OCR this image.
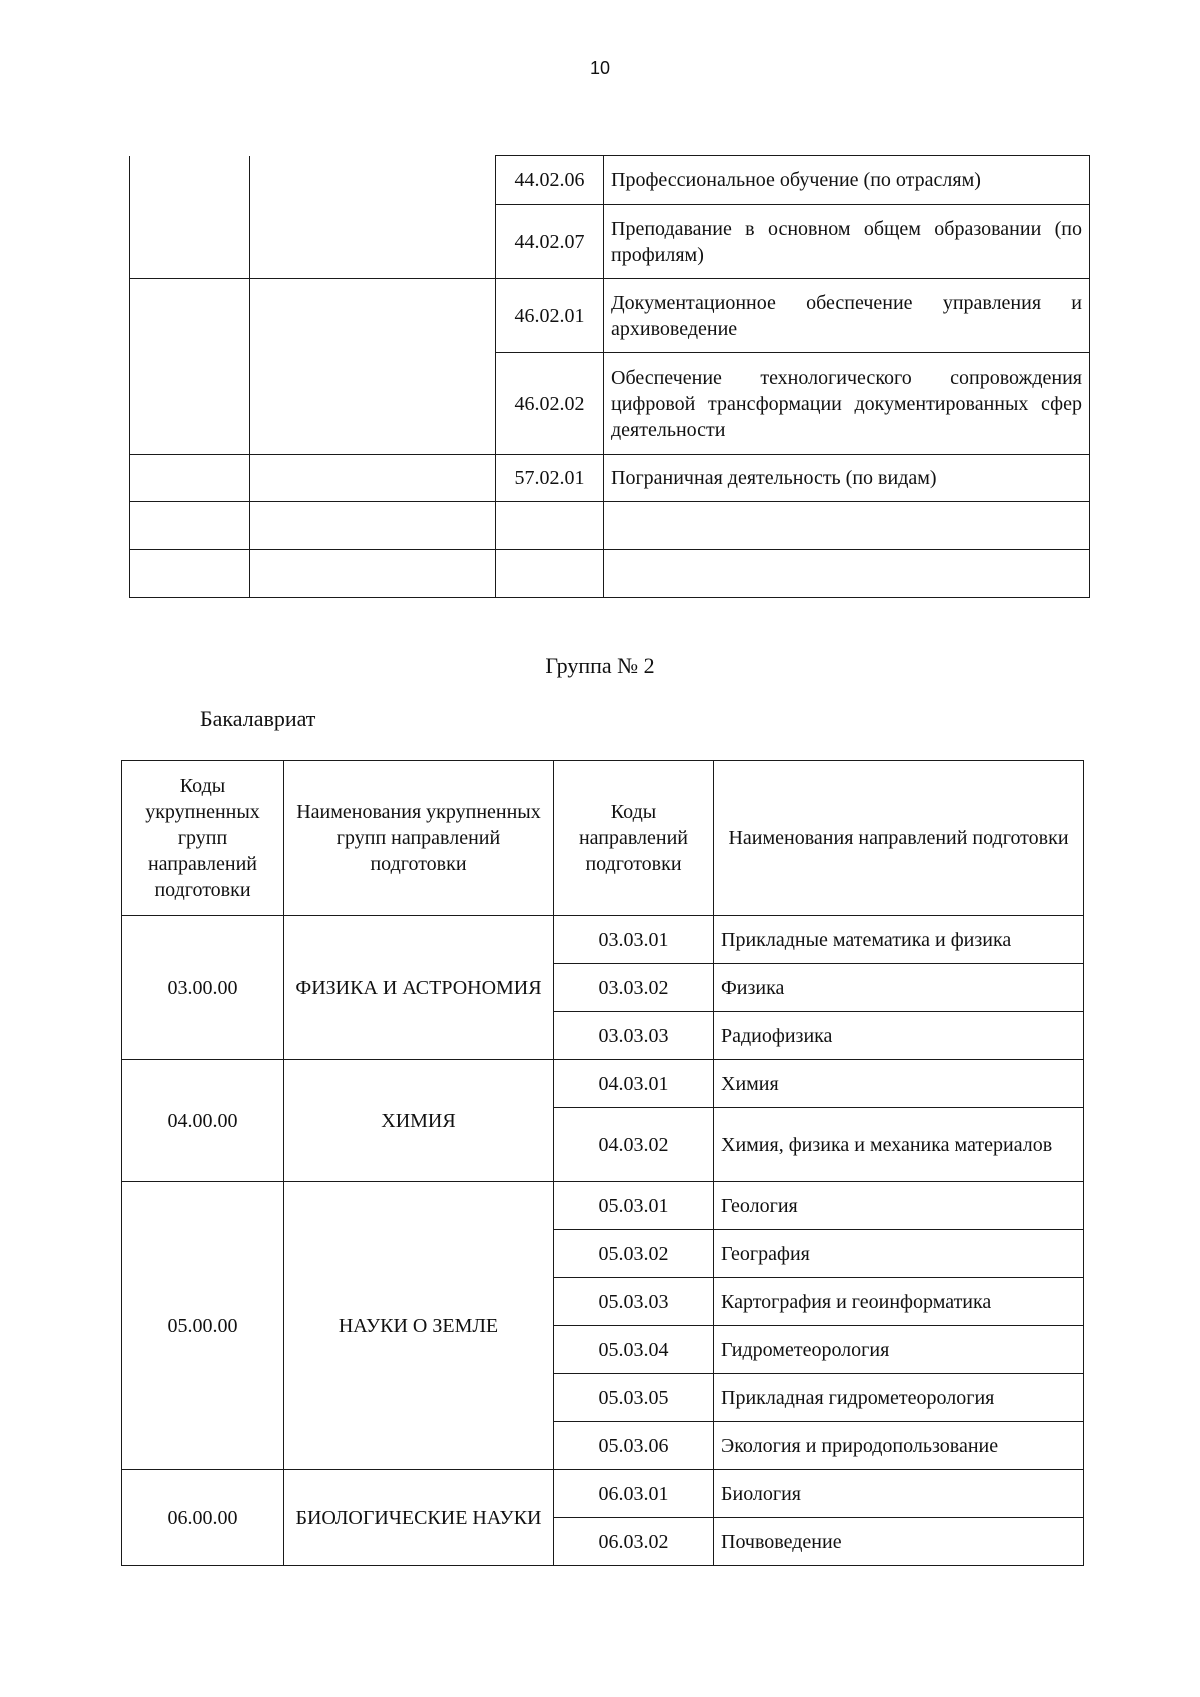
10
		44.02.06	Профессиональное обучение (по отраслям)
		44.02.07	Преподавание в основном общем образовании (по профилям)
		46.02.01	Документационное обеспечение управления и архивоведение
		46.02.02	Обеспечение технологического сопровождения цифровой трансформации документированных сфер деятельности
		57.02.01	Пограничная деятельность (по видам)

Группа № 2
Бакалавриат
Коды укрупненных групп направлений подготовки	Наименования укрупненных групп направлений подготовки	Коды направлений подготовки	Наименования направлений подготовки
03.00.00	ФИЗИКА И АСТРОНОМИЯ	03.03.01	Прикладные математика и физика
		03.03.02	Физика
		03.03.03	Радиофизика
04.00.00	ХИМИЯ	04.03.01	Химия
		04.03.02	Химия, физика и механика материалов
05.00.00	НАУКИ О ЗЕМЛЕ	05.03.01	Геология
		05.03.02	География
		05.03.03	Картография и геоинформатика
		05.03.04	Гидрометеорология
		05.03.05	Прикладная гидрометеорология
		05.03.06	Экология и природопользование
06.00.00	БИОЛОГИЧЕСКИЕ НАУКИ	06.03.01	Биология
		06.03.02	Почвоведение
